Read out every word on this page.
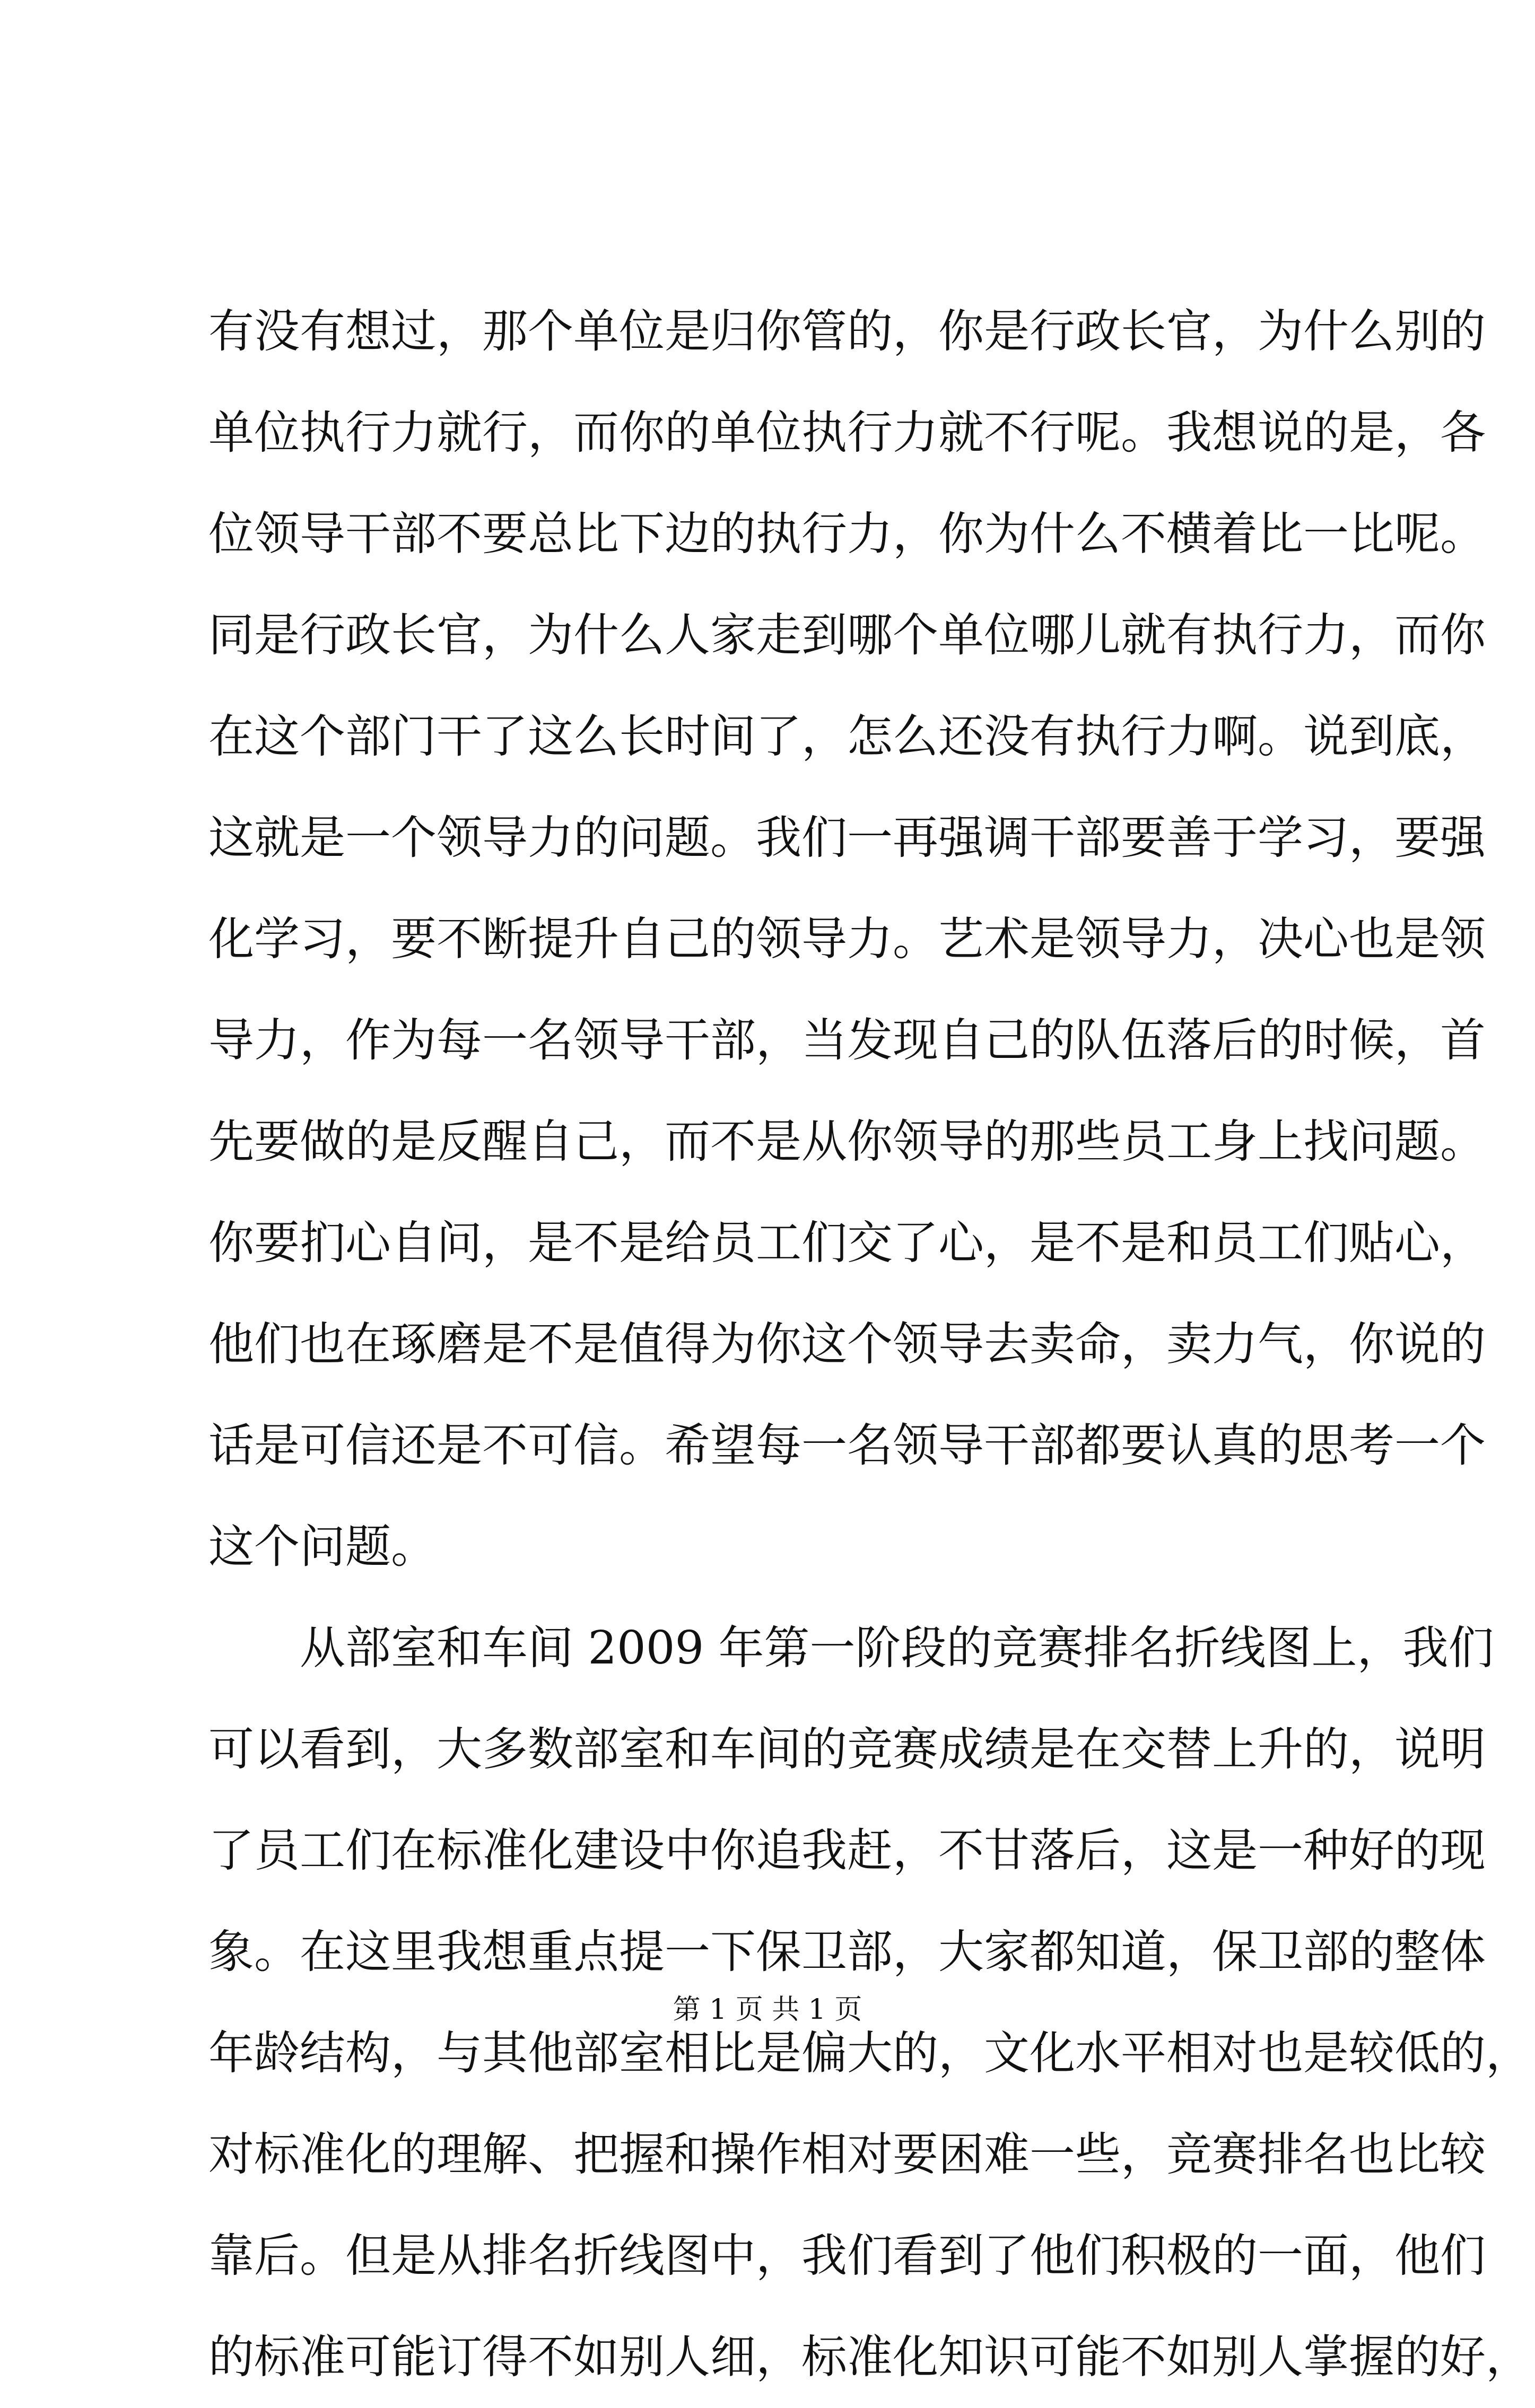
有没有想过，那个单位是归你管的，你是行政长官，为什么别的
单位执行力就行，而你的单位执行力就不行呢。我想说的是，各
位领导干部不要总比下边的执行力，你为什么不横着比一比呢。
同是行政长官，为什么人家走到哪个单位哪儿就有执行力，而你
在这个部门干了这么长时间了，怎么还没有执行力啊。说到底，
这就是一个领导力的问题。我们一再强调干部要善于学习，要强
化学习，要不断提升自己的领导力。艺术是领导力，决心也是领
导力，作为每一名领导干部，当发现自己的队伍落后的时候，首
先要做的是反醒自己，而不是从你领导的那些员工身上找问题。
你要扪心自问，是不是给员工们交了心，是不是和员工们贴心，
他们也在琢磨是不是值得为你这个领导去卖命，卖力气，你说的
话是可信还是不可信。希望每一名领导干部都要认真的思考一个
这个问题。
从部室和车间 2009 年第一阶段的竞赛排名折线图上，我们
可以看到，大多数部室和车间的竞赛成绩是在交替上升的，说明
了员工们在标准化建设中你追我赶，不甘落后，这是一种好的现
象。在这里我想重点提一下保卫部，大家都知道，保卫部的整体
年龄结构，与其他部室相比是偏大的，文化水平相对也是较低的，
对标准化的理解、把握和操作相对要困难一些，竞赛排名也比较
靠后。但是从排名折线图中，我们看到了他们积极的一面，他们
的标准可能订得不如别人细，标准化知识可能不如别人掌握的好，
第 1 页 共 1 页
